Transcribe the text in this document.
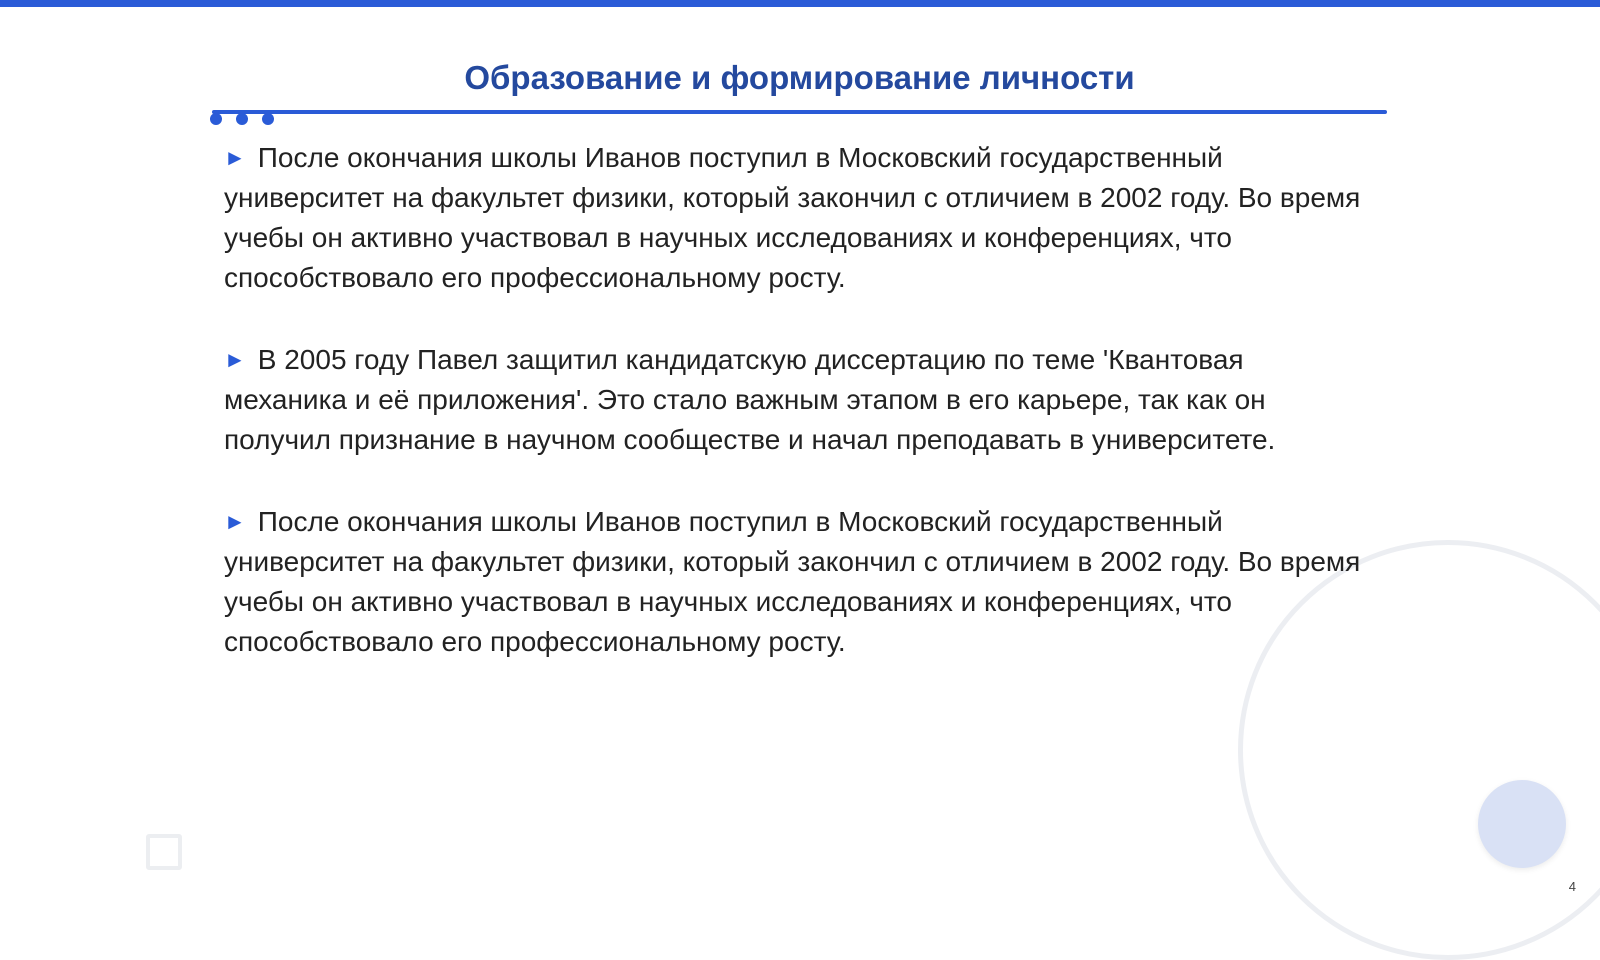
Образование и формирование личности

► После окончания школы Иванов поступил в Московский государственный университет на факультет физики, который закончил с отличием в 2002 году. Во время учебы он активно участвовал в научных исследованиях и конференциях, что способствовало его профессиональному росту.

► В 2005 году Павел защитил кандидатскую диссертацию по теме 'Квантовая механика и её приложения'. Это стало важным этапом в его карьере, так как он получил признание в научном сообществе и начал преподавать в университете.

► После окончания школы Иванов поступил в Московский государственный университет на факультет физики, который закончил с отличием в 2002 году. Во время учебы он активно участвовал в научных исследованиях и конференциях, что способствовало его профессиональному росту.

4
